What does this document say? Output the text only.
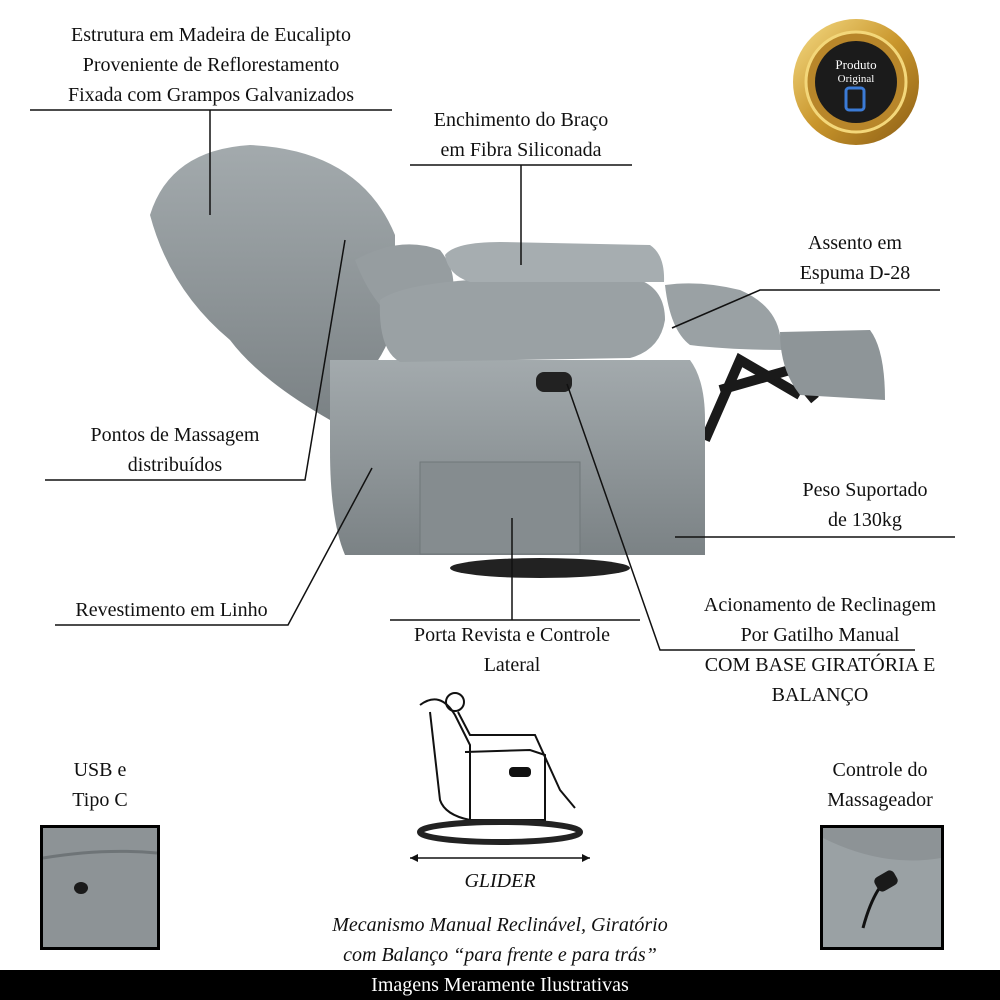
Produto
Original
Estrutura em Madeira de Eucalipto
Proveniente de Reflorestamento
Fixada com Grampos Galvanizados
Enchimento do Braço
em Fibra Siliconada
Assento em
Espuma D-28
Pontos de Massagem
distribuídos
Peso Suportado
de 130kg
Revestimento em Linho
Porta Revista e Controle
Lateral
Acionamento de Reclinagem
Por Gatilho Manual
COM BASE GIRATÓRIA E
BALANÇO
USB e
Tipo C
Controle do
Massageador
GLIDER
Mecanismo Manual Reclinável, Giratório
com Balanço “para frente e para trás”
Imagens Meramente Ilustrativas
